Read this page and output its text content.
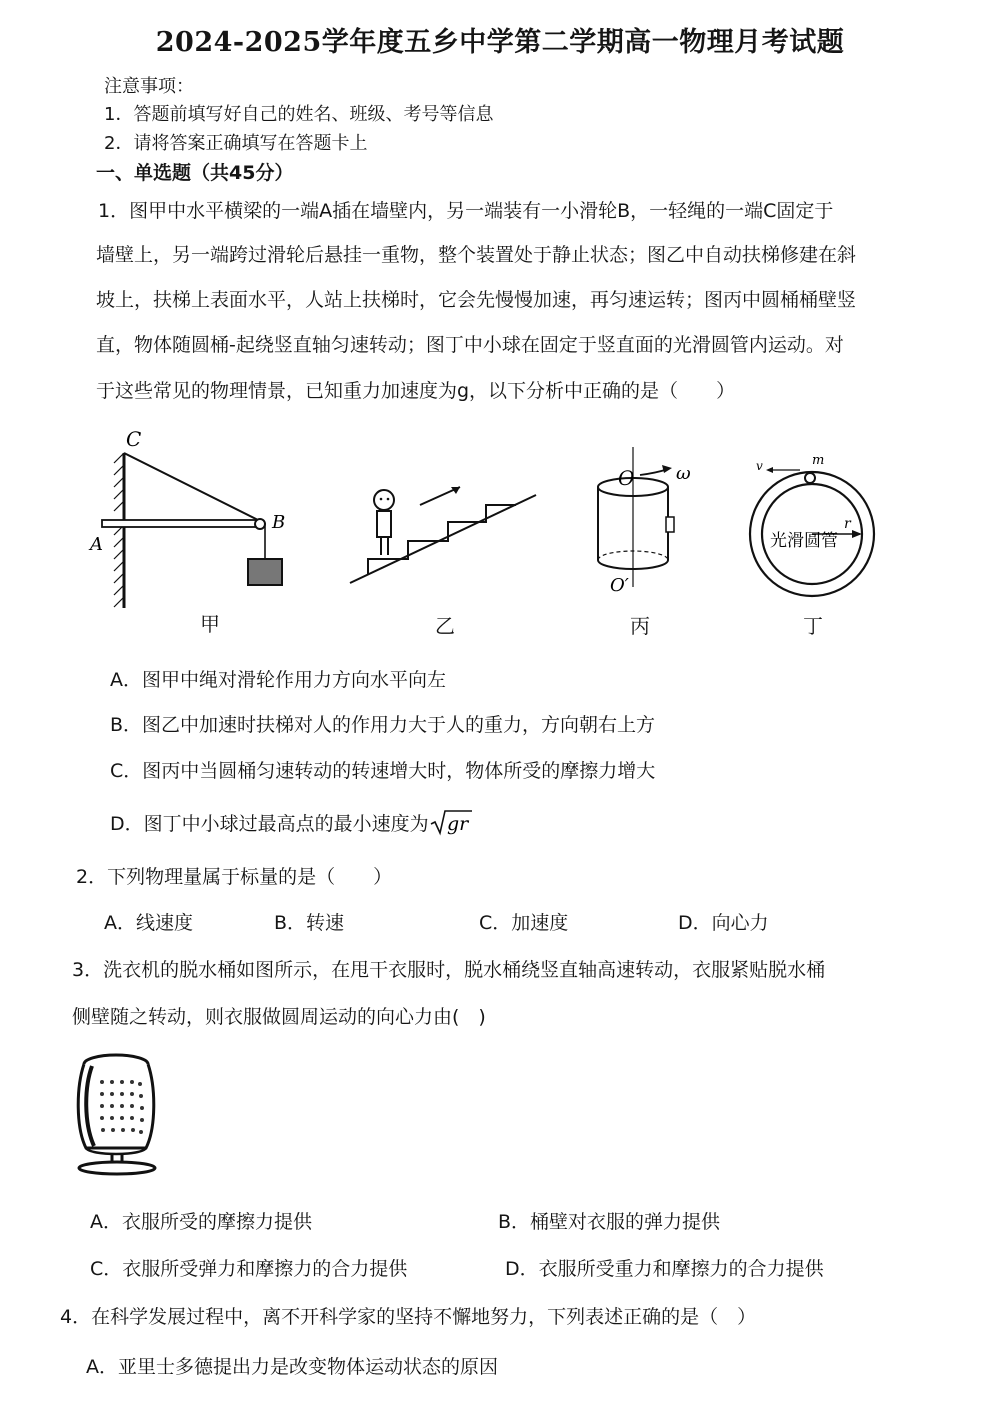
2024-2025学年度五乡中学第二学期高一物理月考试题
注意事项：
1．答题前填写好自己的姓名、班级、考号等信息
2．请将答案正确填写在答题卡上
一、单选题（共45分）
1．图甲中水平横梁的一端A插在墙壁内，另一端装有一小滑轮B，一轻绳的一端C固定于
墙壁上，另一端跨过滑轮后悬挂一重物，整个装置处于静止状态；图乙中自动扶梯修建在斜
坡上，扶梯上表面水平，人站上扶梯时，它会先慢慢加速，再匀速运转；图丙中圆桶桶壁竖
直，物体随圆桶-起绕竖直轴匀速转动；图丁中小球在固定于竖直面的光滑圆管内运动。对
于这些常见的物理情景，已知重力加速度为g，以下分析中正确的是（　　）
C
A
B
甲	乙
O
O′
ω
丙
m
v
r
光滑圆管
丁
A．图甲中绳对滑轮作用力方向水平向左
B．图乙中加速时扶梯对人的作用力大于人的重力，方向朝右上方
C．图丙中当圆桶匀速转动的转速增大时，物体所受的摩擦力增大
D．图丁中小球过最高点的最小速度为 gr
2．下列物理量属于标量的是（　　）
A．线速度	B．转速	C．加速度	D．向心力
3．洗衣机的脱水桶如图所示，在甩干衣服时，脱水桶绕竖直轴高速转动，衣服紧贴脱水桶
侧壁随之转动，则衣服做圆周运动的向心力由(　)
A．衣服所受的摩擦力提供	B．桶壁对衣服的弹力提供
C．衣服所受弹力和摩擦力的合力提供	D．衣服所受重力和摩擦力的合力提供
4．在科学发展过程中，离不开科学家的坚持不懈地努力，下列表述正确的是（　）
A．亚里士多德提出力是改变物体运动状态的原因
